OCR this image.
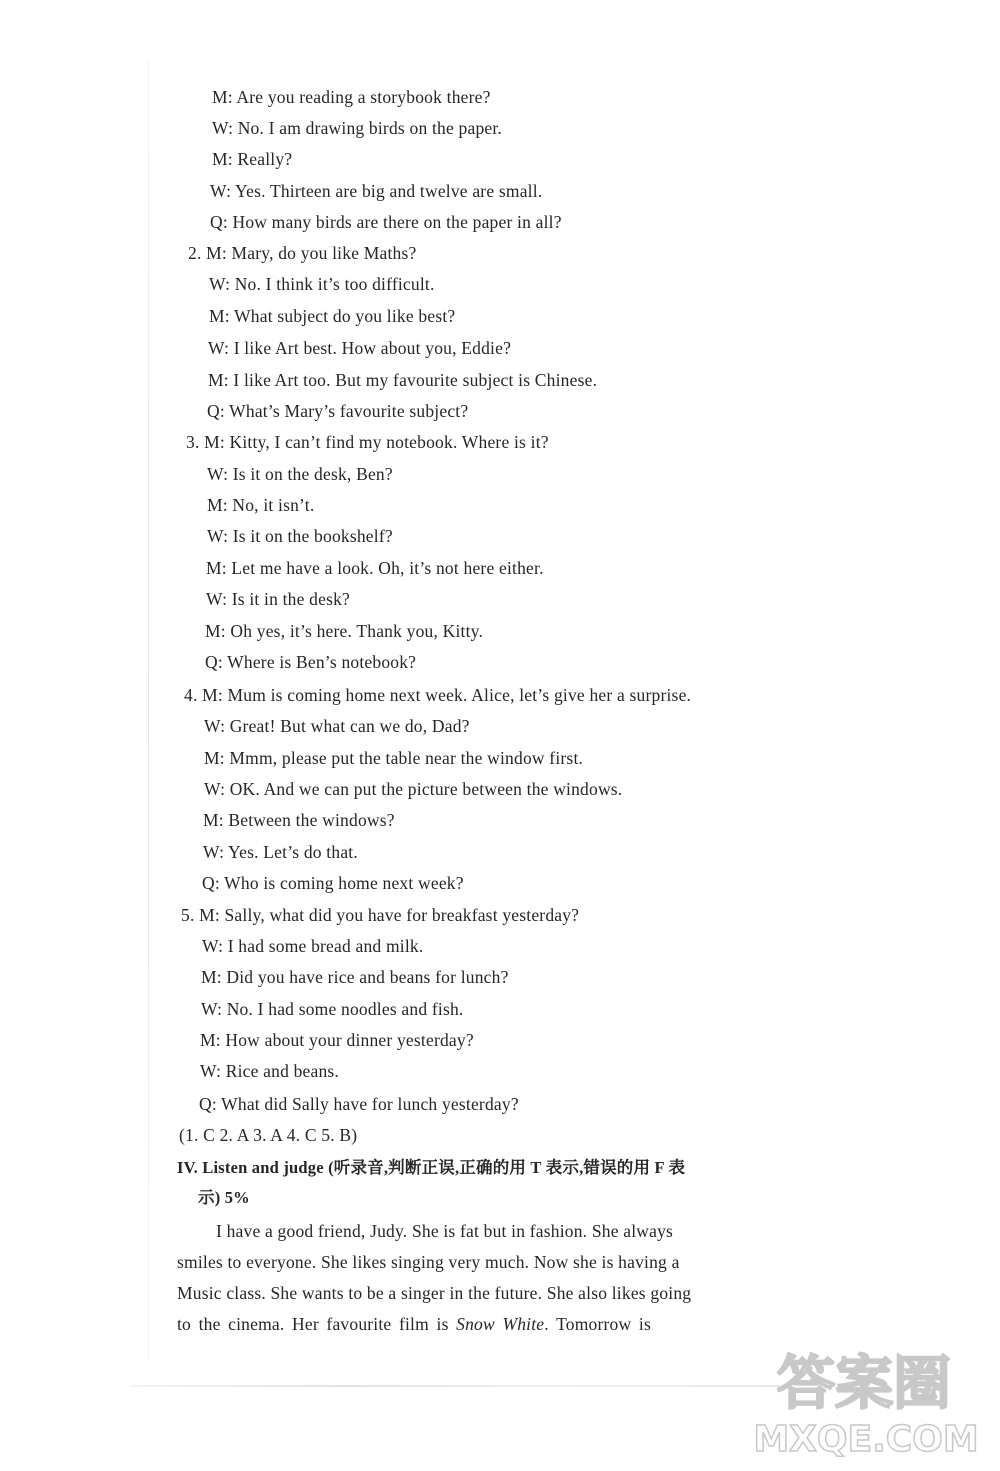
M: Are you reading a storybook there?
W: No. I am drawing birds on the paper.
M: Really?
W: Yes. Thirteen are big and twelve are small.
Q: How many birds are there on the paper in all?
2. M: Mary, do you like Maths?
W: No. I think it’s too difficult.
M: What subject do you like best?
W: I like Art best. How about you, Eddie?
M: I like Art too. But my favourite subject is Chinese.
Q: What’s Mary’s favourite subject?
3. M: Kitty, I can’t find my notebook. Where is it?
W: Is it on the desk, Ben?
M: No, it isn’t.
W: Is it on the bookshelf?
M: Let me have a look. Oh, it’s not here either.
W: Is it in the desk?
M: Oh yes, it’s here. Thank you, Kitty.
Q: Where is Ben’s notebook?
4. M: Mum is coming home next week. Alice, let’s give her a surprise.
W: Great! But what can we do, Dad?
M: Mmm, please put the table near the window first.
W: OK. And we can put the picture between the windows.
M: Between the windows?
W: Yes. Let’s do that.
Q: Who is coming home next week?
5. M: Sally, what did you have for breakfast yesterday?
W: I had some bread and milk.
M: Did you have rice and beans for lunch?
W: No. I had some noodles and fish.
M: How about your dinner yesterday?
W: Rice and beans.
Q: What did Sally have for lunch yesterday?
(1. C 2. A 3. A 4. C 5. B)
IV. Listen and judge (听录音,判断正误,正确的用 T 表示,错误的用 F 表
示) 5%
I have a good friend, Judy. She is fat but in fashion. She always
smiles to everyone. She likes singing very much. Now she is having a
Music class. She wants to be a singer in the future. She also likes going
to the cinema. Her favourite film is Snow White. Tomorrow is
答案圈
MXQE.COM
